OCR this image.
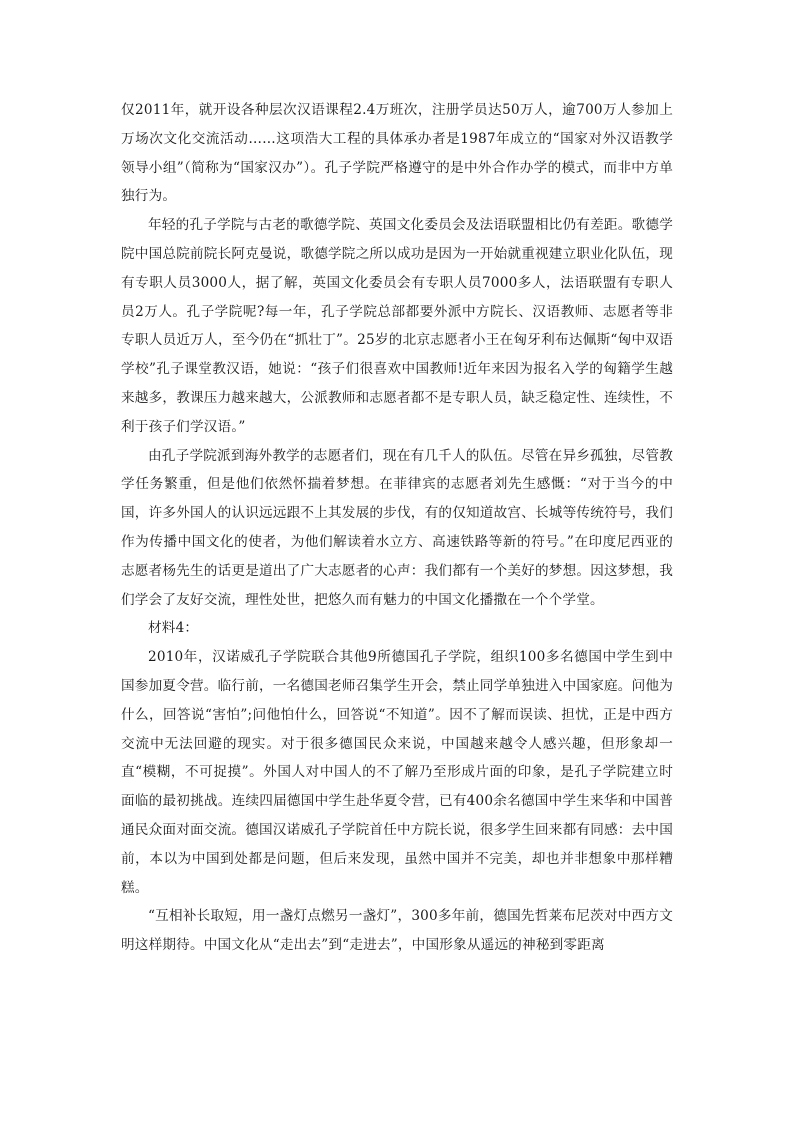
仅2011年，就开设各种层次汉语课程2.4万班次，注册学员达50万人，逾700万人参加上万场次文化交流活动……这项浩大工程的具体承办者是1987年成立的“国家对外汉语教学领导小组”（简称为“国家汉办”）。孔子学院严格遵守的是中外合作办学的模式，而非中方单独行为。

年轻的孔子学院与古老的歌德学院、英国文化委员会及法语联盟相比仍有差距。歌德学院中国总院前院长阿克曼说，歌德学院之所以成功是因为一开始就重视建立职业化队伍，现有专职人员3000人，据了解，英国文化委员会有专职人员7000多人，法语联盟有专职人员2万人。孔子学院呢?每一年，孔子学院总部都要外派中方院长、汉语教师、志愿者等非专职人员近万人，至今仍在“抓壮丁”。25岁的北京志愿者小王在匈牙利布达佩斯“匈中双语学校”孔子课堂教汉语，她说：“孩子们很喜欢中国教师!近年来因为报名入学的匈籍学生越来越多，教课压力越来越大，公派教师和志愿者都不是专职人员，缺乏稳定性、连续性，不利于孩子们学汉语。”

由孔子学院派到海外教学的志愿者们，现在有几千人的队伍。尽管在异乡孤独，尽管教学任务繁重，但是他们依然怀揣着梦想。在菲律宾的志愿者刘先生感慨：“对于当今的中国，许多外国人的认识远远跟不上其发展的步伐，有的仅知道故宫、长城等传统符号，我们作为传播中国文化的使者，为他们解读着水立方、高速铁路等新的符号。”在印度尼西亚的志愿者杨先生的话更是道出了广大志愿者的心声：我们都有一个美好的梦想。因这梦想，我们学会了友好交流，理性处世，把悠久而有魅力的中国文化播撒在一个个学堂。

材料4：

2010年，汉诺威孔子学院联合其他9所德国孔子学院，组织100多名德国中学生到中国参加夏令营。临行前，一名德国老师召集学生开会，禁止同学单独进入中国家庭。问他为什么，回答说“害怕”;问他怕什么，回答说“不知道”。因不了解而误读、担忧，正是中西方交流中无法回避的现实。对于很多德国民众来说，中国越来越令人感兴趣，但形象却一直“模糊，不可捉摸”。外国人对中国人的不了解乃至形成片面的印象，是孔子学院建立时面临的最初挑战。连续四届德国中学生赴华夏令营，已有400余名德国中学生来华和中国普通民众面对面交流。德国汉诺威孔子学院首任中方院长说，很多学生回来都有同感：去中国前，本以为中国到处都是问题，但后来发现，虽然中国并不完美，却也并非想象中那样糟糕。

“互相补长取短，用一盏灯点燃另一盏灯”，300多年前，德国先哲莱布尼茨对中西方文明这样期待。中国文化从“走出去”到“走进去”，中国形象从遥远的神秘到零距离
